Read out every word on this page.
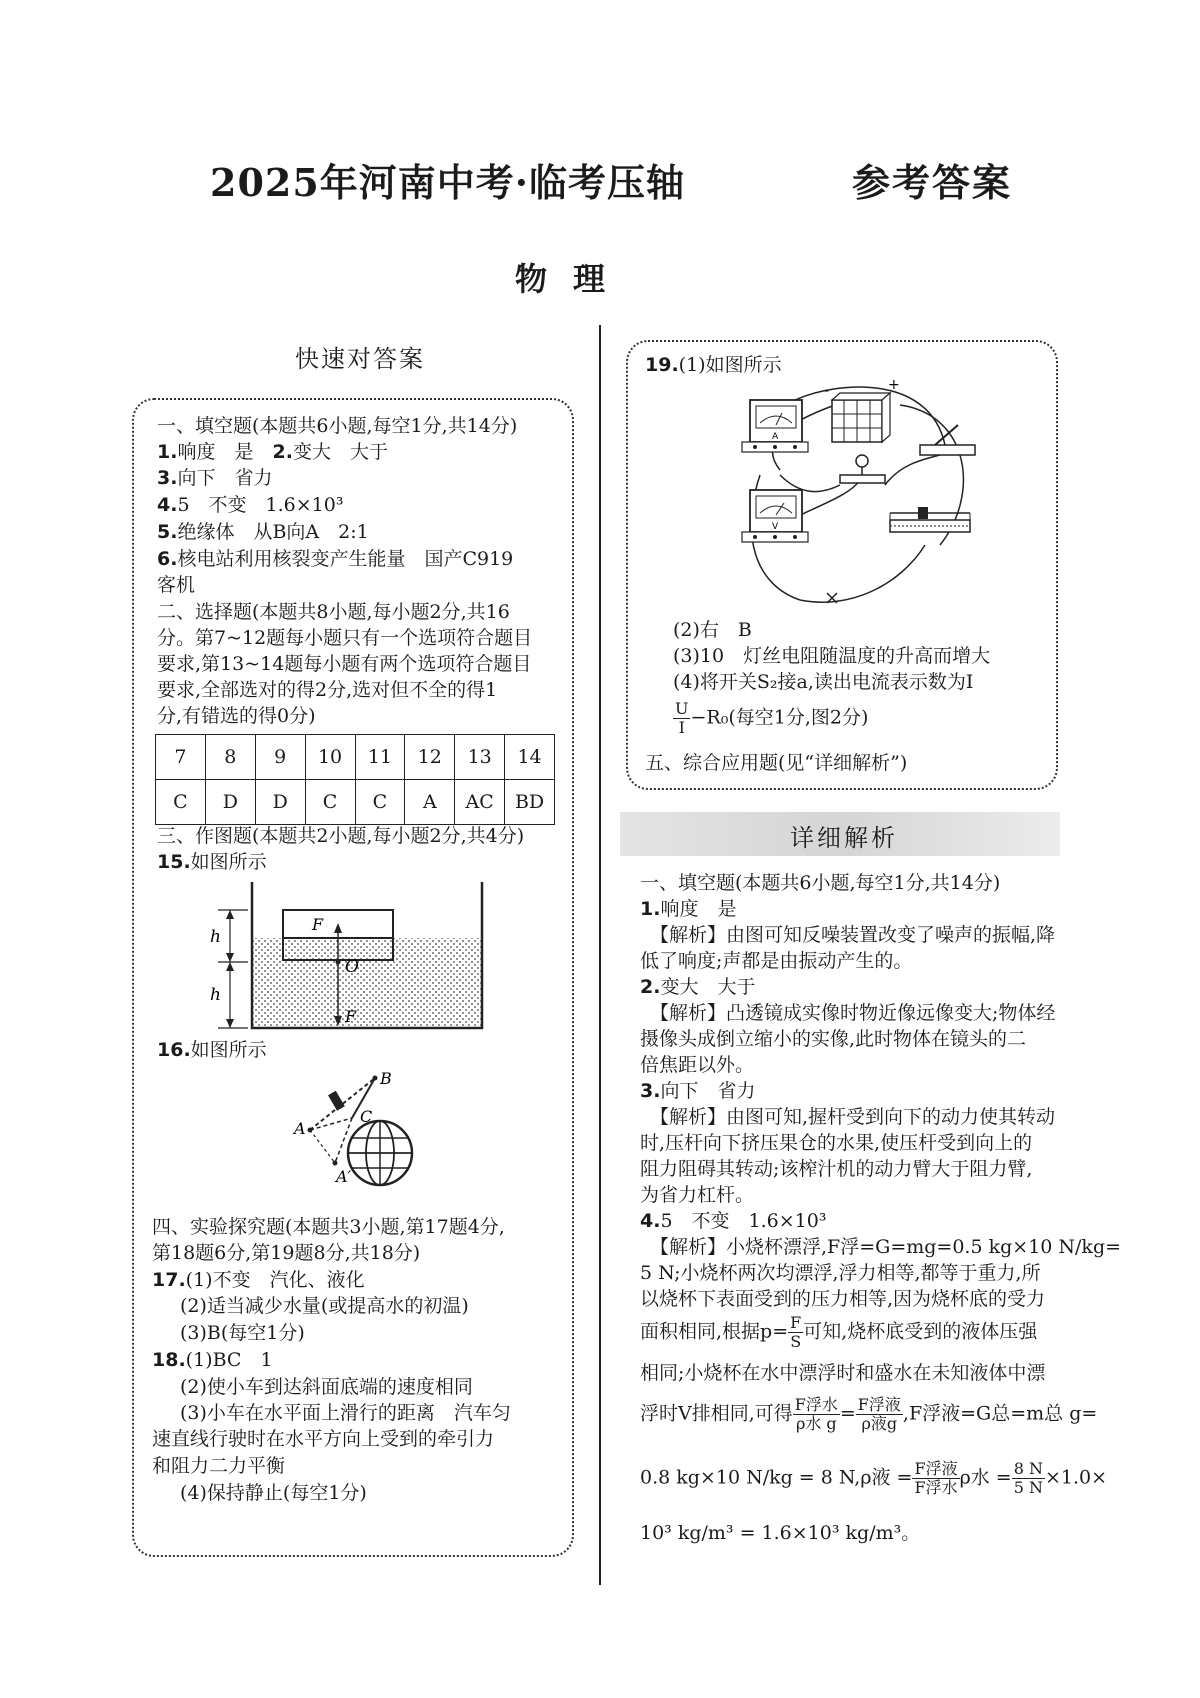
2025年河南中考·临考压轴	参考答案
物理
快速对答案
一、填空题(本题共6小题,每空1分,共14分)
1.响度　是　 2.变大　大于
3.向下　省力
4.5　不变　1.6×10³
5.绝缘体　从B向A　2:1
6.核电站利用核裂变产生能量　国产C919
客机
二、选择题(本题共8小题,每小题2分,共16
分。第7~12题每小题只有一个选项符合题目
要求,第13~14题每小题有两个选项符合题目
要求,全部选对的得2分,选对但不全的得1
分,有错选的得0分)
7	8	9	10	11	12	13	14
C	D	D	C	C	A	AC	BD
三、作图题(本题共2小题,每小题2分,共4分)
15.如图所示
h
h
F
O
F
16.如图所示
B
C
A
A′
四、实验探究题(本题共3小题,第17题4分,
第18题6分,第19题8分,共18分)
17.(1)不变　汽化、液化
(2)适当减少水量(或提高水的初温)
(3)B(每空1分)
18.(1)BC　1
(2)使小车到达斜面底端的速度相同
(3)小车在水平面上滑行的距离　汽车匀
速直线行驶时在水平方向上受到的牵引力
和阻力二力平衡
(4)保持静止(每空1分)
19.(1)如图所示
-	+
A
V
(2)右　B
(3)10　灯丝电阻随温度的升高而增大
(4)将开关S₂接a,读出电流表示数为I
$\frac{U}{I} -R_0$(每空1分,图2分)
五、综合应用题(见“详细解析”)
详细解析
一、填空题(本题共6小题,每空1分,共14分)
1.响度　是
【解析】由图可知反噪装置改变了噪声的振幅,降
低了响度;声都是由振动产生的。
2.变大　大于
【解析】凸透镜成实像时物近像远像变大;物体经
摄像头成倒立缩小的实像,此时物体在镜头的二
倍焦距以外。
3.向下　省力
【解析】由图可知,握杆受到向下的动力使其转动
时,压杆向下挤压果仓的水果,使压杆受到向上的
阻力阻碍其转动;该榨汁机的动力臂大于阻力臂,
为省力杠杆。
4.5　不变　1.6×10³
【解析】小烧杯漂浮,F浮=G=mg=0.5 kg×10 N/kg=
5 N;小烧杯两次均漂浮,浮力相等,都等于重力,所
以烧杯下表面受到的压力相等,因为烧杯底的受力
面积相同,根据$p= \frac{F}{S}$ 可知,烧杯底受到的液体压强
相同;小烧杯在水中漂浮时和盛水在未知液体中漂
浮时V排相同,可得 $\frac{\text{F浮水}}{\text{ρ水 g}} = \frac{\text{F浮液}}{\text{ρ液g}} ,F$浮液=G总=m总 g=
0.8 kg×10 N/kg = 8 N,ρ液 = $\frac{\text{F浮液}}{\text{F浮水}}$ ρ水 = $\frac{8 N}{5 N} \times 1.0\times$
10³ kg/m³ = 1.6×10³ kg/m³。
